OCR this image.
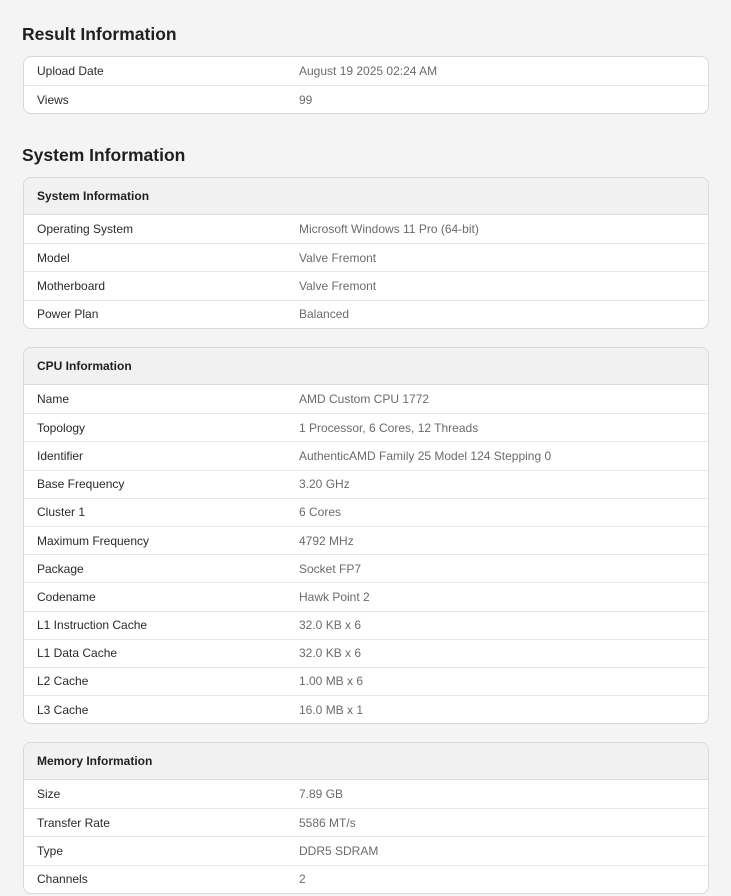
Result Information
Upload Date	August 19 2025 02:24 AM
Views	99
System Information
System Information
Operating System	Microsoft Windows 11 Pro (64-bit)
Model	Valve Fremont
Motherboard	Valve Fremont
Power Plan	Balanced
CPU Information
Name	AMD Custom CPU 1772
Topology	1 Processor, 6 Cores, 12 Threads
Identifier	AuthenticAMD Family 25 Model 124 Stepping 0
Base Frequency	3.20 GHz
Cluster 1	6 Cores
Maximum Frequency	4792 MHz
Package	Socket FP7
Codename	Hawk Point 2
L1 Instruction Cache	32.0 KB x 6
L1 Data Cache	32.0 KB x 6
L2 Cache	1.00 MB x 6
L3 Cache	16.0 MB x 1
Memory Information
Size	7.89 GB
Transfer Rate	5586 MT/s
Type	DDR5 SDRAM
Channels	2
